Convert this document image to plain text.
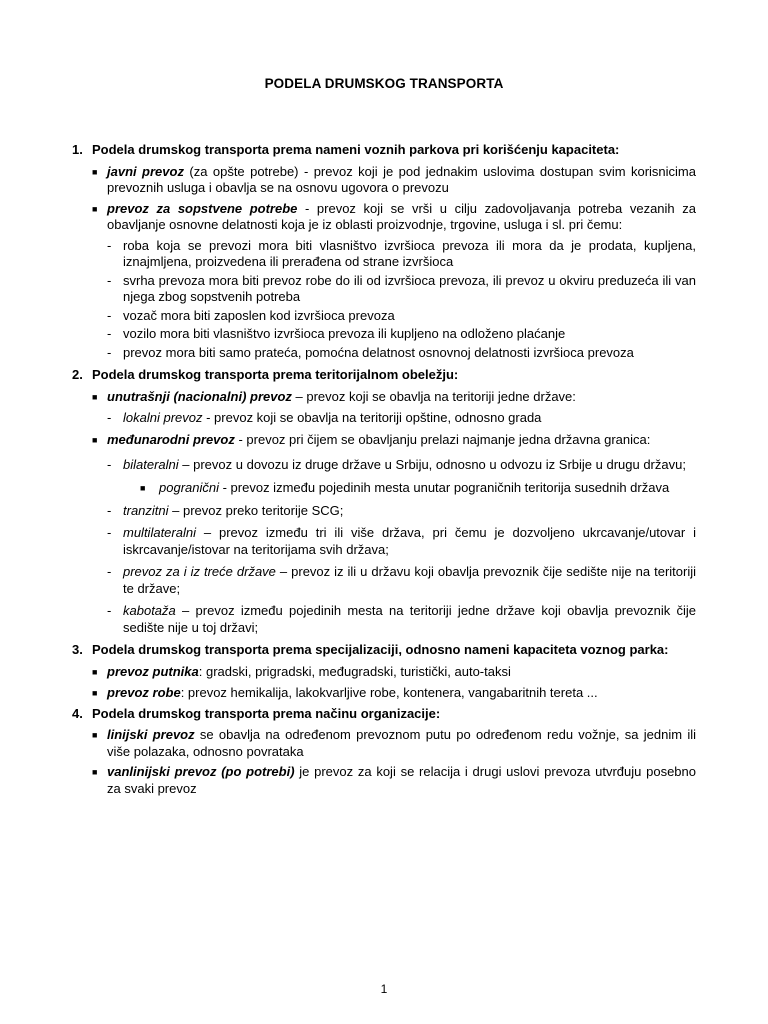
PODELA DRUMSKOG TRANSPORTA
1. Podela drumskog transporta prema nameni voznih parkova pri korišćenju kapaciteta:
■ javni prevoz (za opšte potrebe) - prevoz koji je pod jednakim uslovima dostupan svim korisnicima prevoznih usluga i obavlja se na osnovu ugovora o prevozu
■ prevoz za sopstvene potrebe - prevoz koji se vrši u cilju zadovoljavanja potreba vezanih za obavljanje osnovne delatnosti koja je iz oblasti proizvodnje, trgovine, usluga i sl. pri čemu:
- roba koja se prevozi mora biti vlasništvo izvršioca prevoza ili mora da je prodata, kupljena, iznajmljena, proizvedena ili prerađena od strane izvršioca
- svrha prevoza mora biti prevoz robe do ili od izvršioca prevoza, ili prevoz u okviru preduzeća ili van njega zbog sopstvenih potreba
- vozač mora biti zaposlen kod izvršioca prevoza
- vozilo mora biti vlasništvo izvršioca prevoza ili kupljeno na odloženo plaćanje
- prevoz mora biti samo prateća, pomoćna delatnost osnovnoj delatnosti izvršioca prevoza
2. Podela drumskog transporta prema teritorijalnom obeležju:
■ unutrašnji (nacionalni) prevoz – prevoz koji se obavlja na teritoriji jedne države:
- lokalni prevoz - prevoz koji se obavlja na teritoriji opštine, odnosno grada
■ međunarodni prevoz - prevoz pri čijem se obavljanju prelazi najmanje jedna državna granica:
- bilateralni – prevoz u dovozu iz druge države u Srbiju, odnosno u odvozu iz Srbije u drugu državu;
■	pogranični - prevoz između pojedinih mesta unutar pograničnih teritorija susednih država
- tranzitni – prevoz preko teritorije SCG;
- multilateralni – prevoz između tri ili više država, pri čemu je dozvoljeno ukrcavanje/utovar i iskrcavanje/istovar na teritorijama svih država;
- prevoz za i iz treće države – prevoz iz ili u državu koji obavlja prevoznik čije sedište nije na teritoriji te države;
- kabotaža – prevoz između pojedinih mesta na teritoriji jedne države koji obavlja prevoznik čije sedište nije u toj državi;
3. Podela drumskog transporta prema specijalizaciji, odnosno nameni kapaciteta voznog parka:
■ prevoz putnika: gradski, prigradski, međugradski, turistički, auto-taksi
■ prevoz robe: prevoz hemikalija, lakokvarljive robe, kontenera, vangabaritnih tereta ...
4. Podela drumskog transporta prema načinu organizacije:
■ linijski prevoz se obavlja na određenom prevoznom putu po određenom redu vožnje, sa jednim ili više polazaka, odnosno povrataka
■ vanlinijski prevoz (po potrebi) je prevoz za koji se relacija i drugi uslovi prevoza utvrđuju posebno za svaki prevoz
1
